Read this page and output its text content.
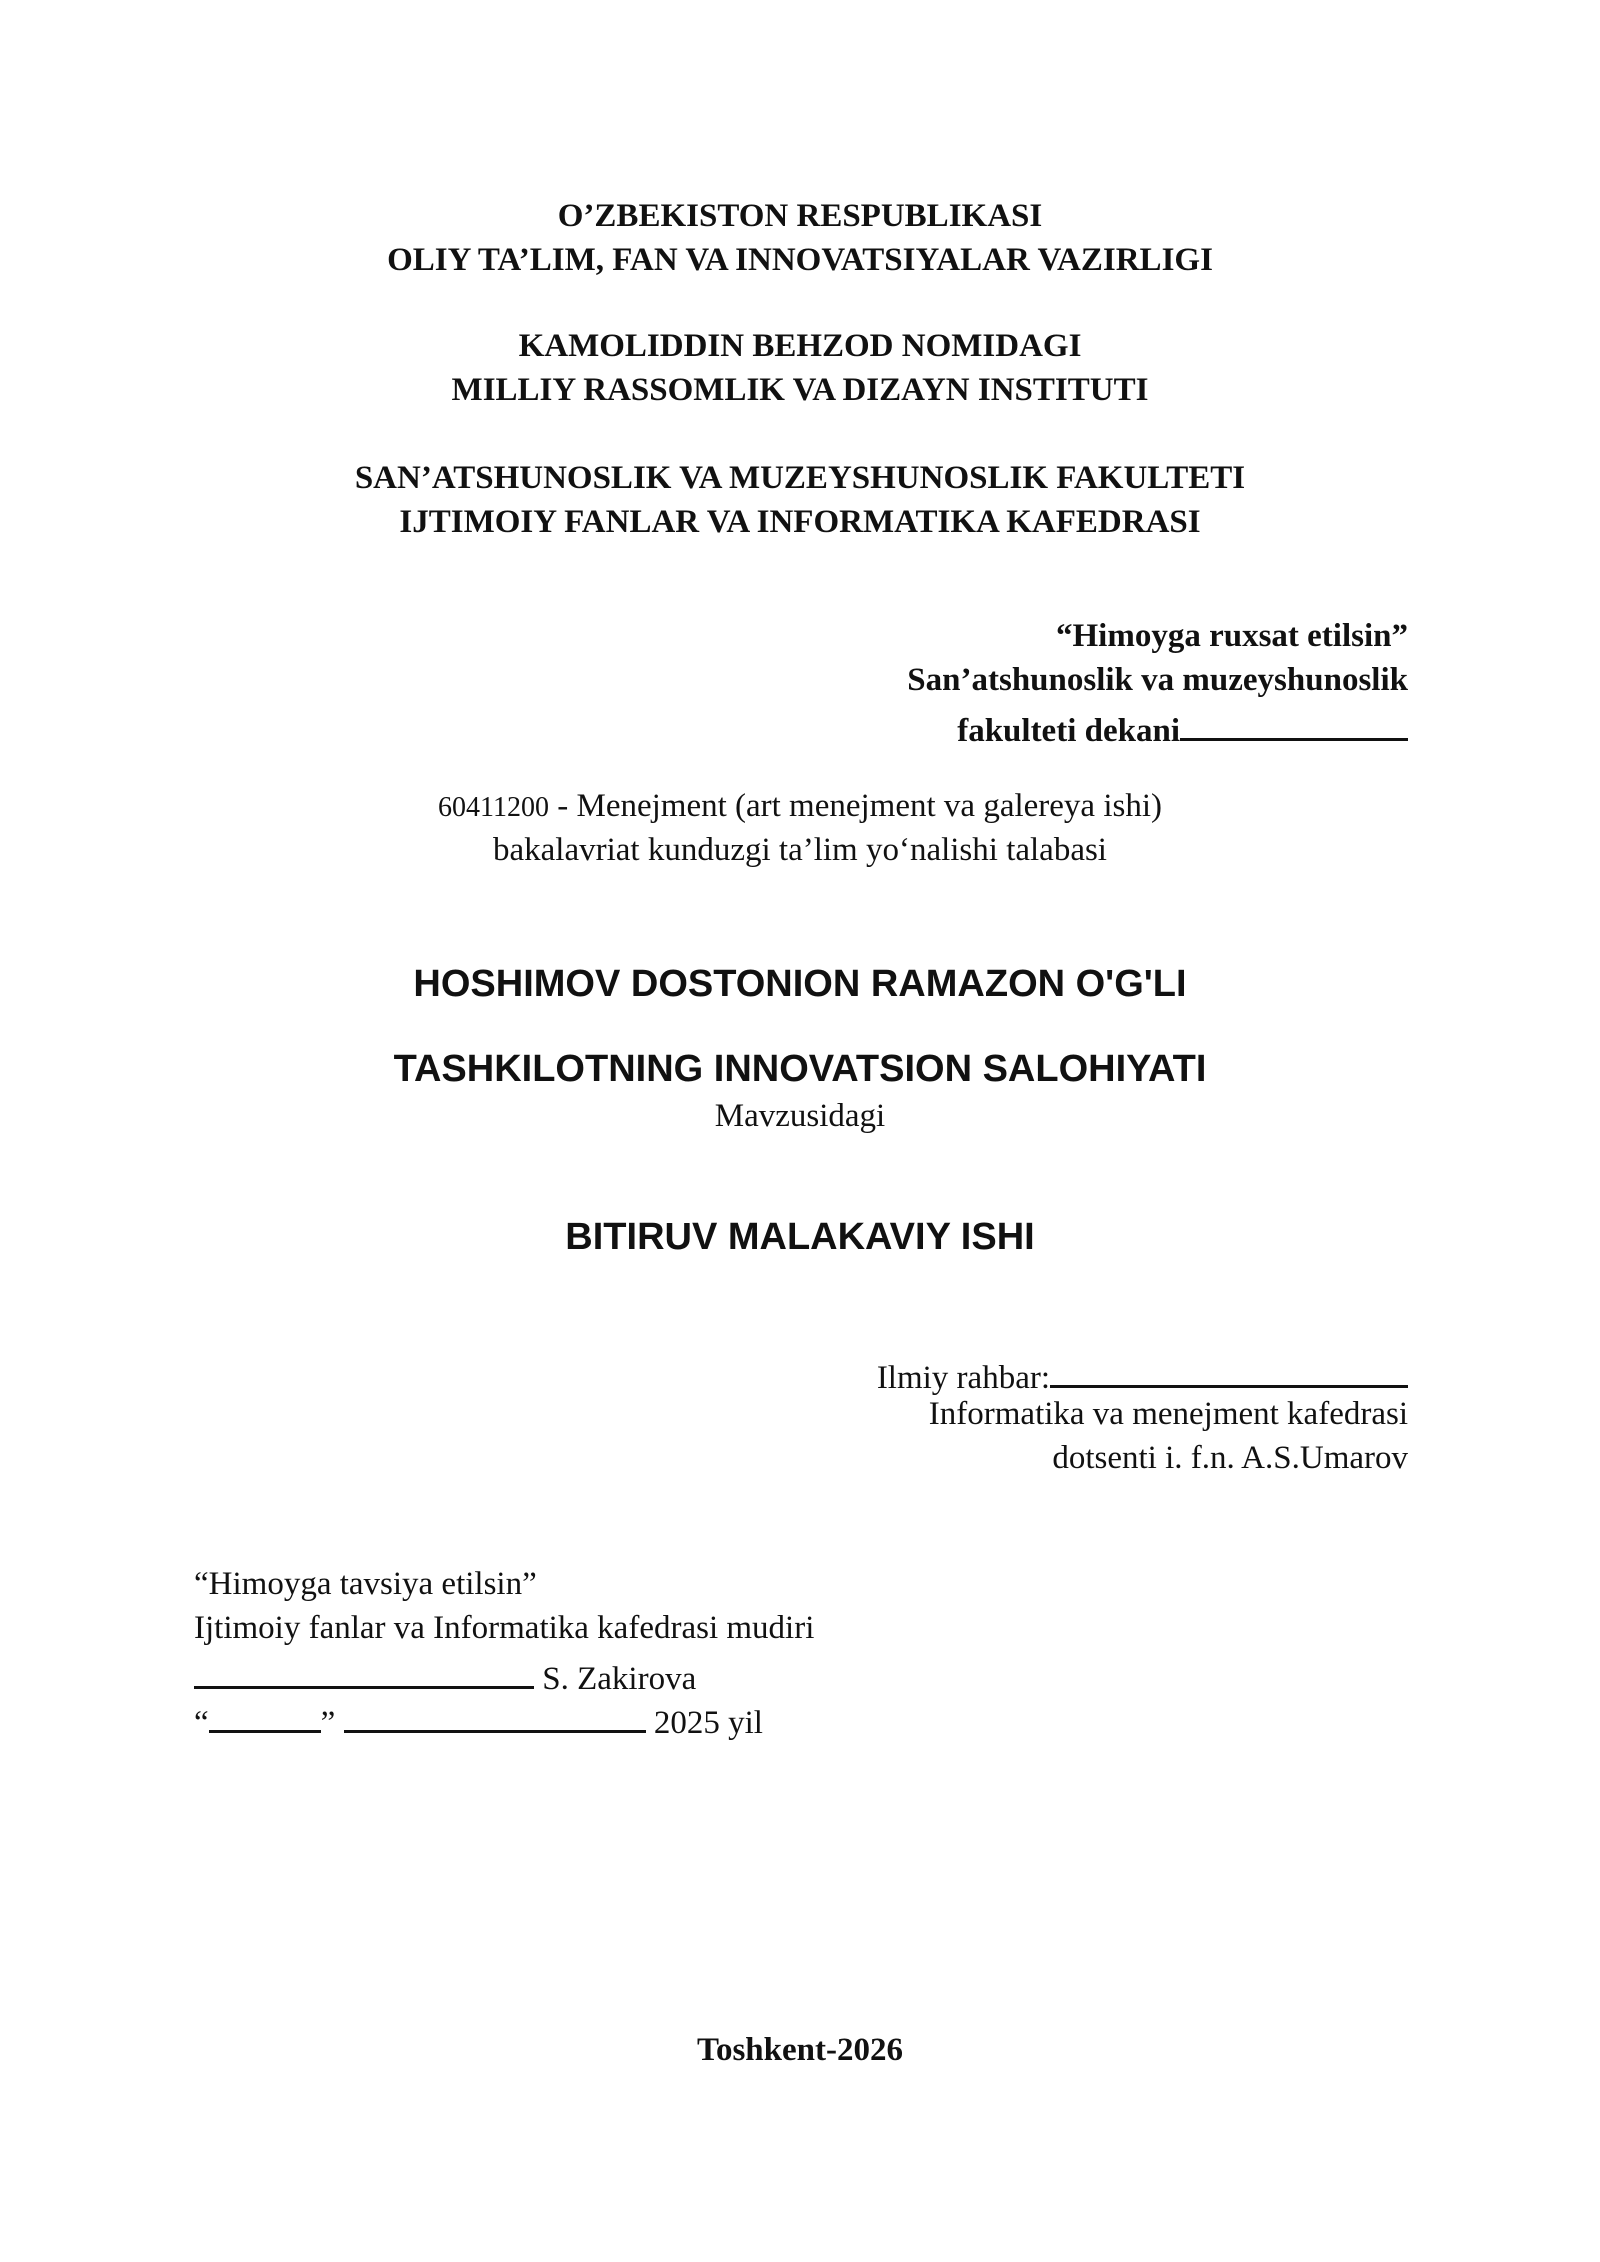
O’ZBEKISTON RESPUBLIKASI
OLIY TA’LIM, FAN VA INNOVATSIYALAR VAZIRLIGI
KAMOLIDDIN BEHZOD NOMIDAGI
MILLIY RASSOMLIK VA DIZAYN INSTITUTI
SAN’ATSHUNOSLIK VA MUZEYSHUNOSLIK FAKULTETI
IJTIMOIY FANLAR VA INFORMATIKA KAFEDRASI
“Himoyga ruxsat etilsin”
San’atshunoslik va muzeyshunoslik
fakulteti dekani
60411200 - Menejment (art menejment va galereya ishi)
bakalavriat kunduzgi ta’lim yo‘nalishi talabasi
HOSHIMOV DOSTONION RAMAZON O'G'LI
TASHKILOTNING INNOVATSION SALOHIYATI
Mavzusidagi
BITIRUV MALAKAVIY ISHI
Ilmiy rahbar:
Informatika va menejment kafedrasi
dotsenti i. f.n. A.S.Umarov
“Himoyga tavsiya etilsin”
Ijtimoiy fanlar va Informatika kafedrasi mudiri
S. Zakirova
“	”	2025 yil
Toshkent-2026
